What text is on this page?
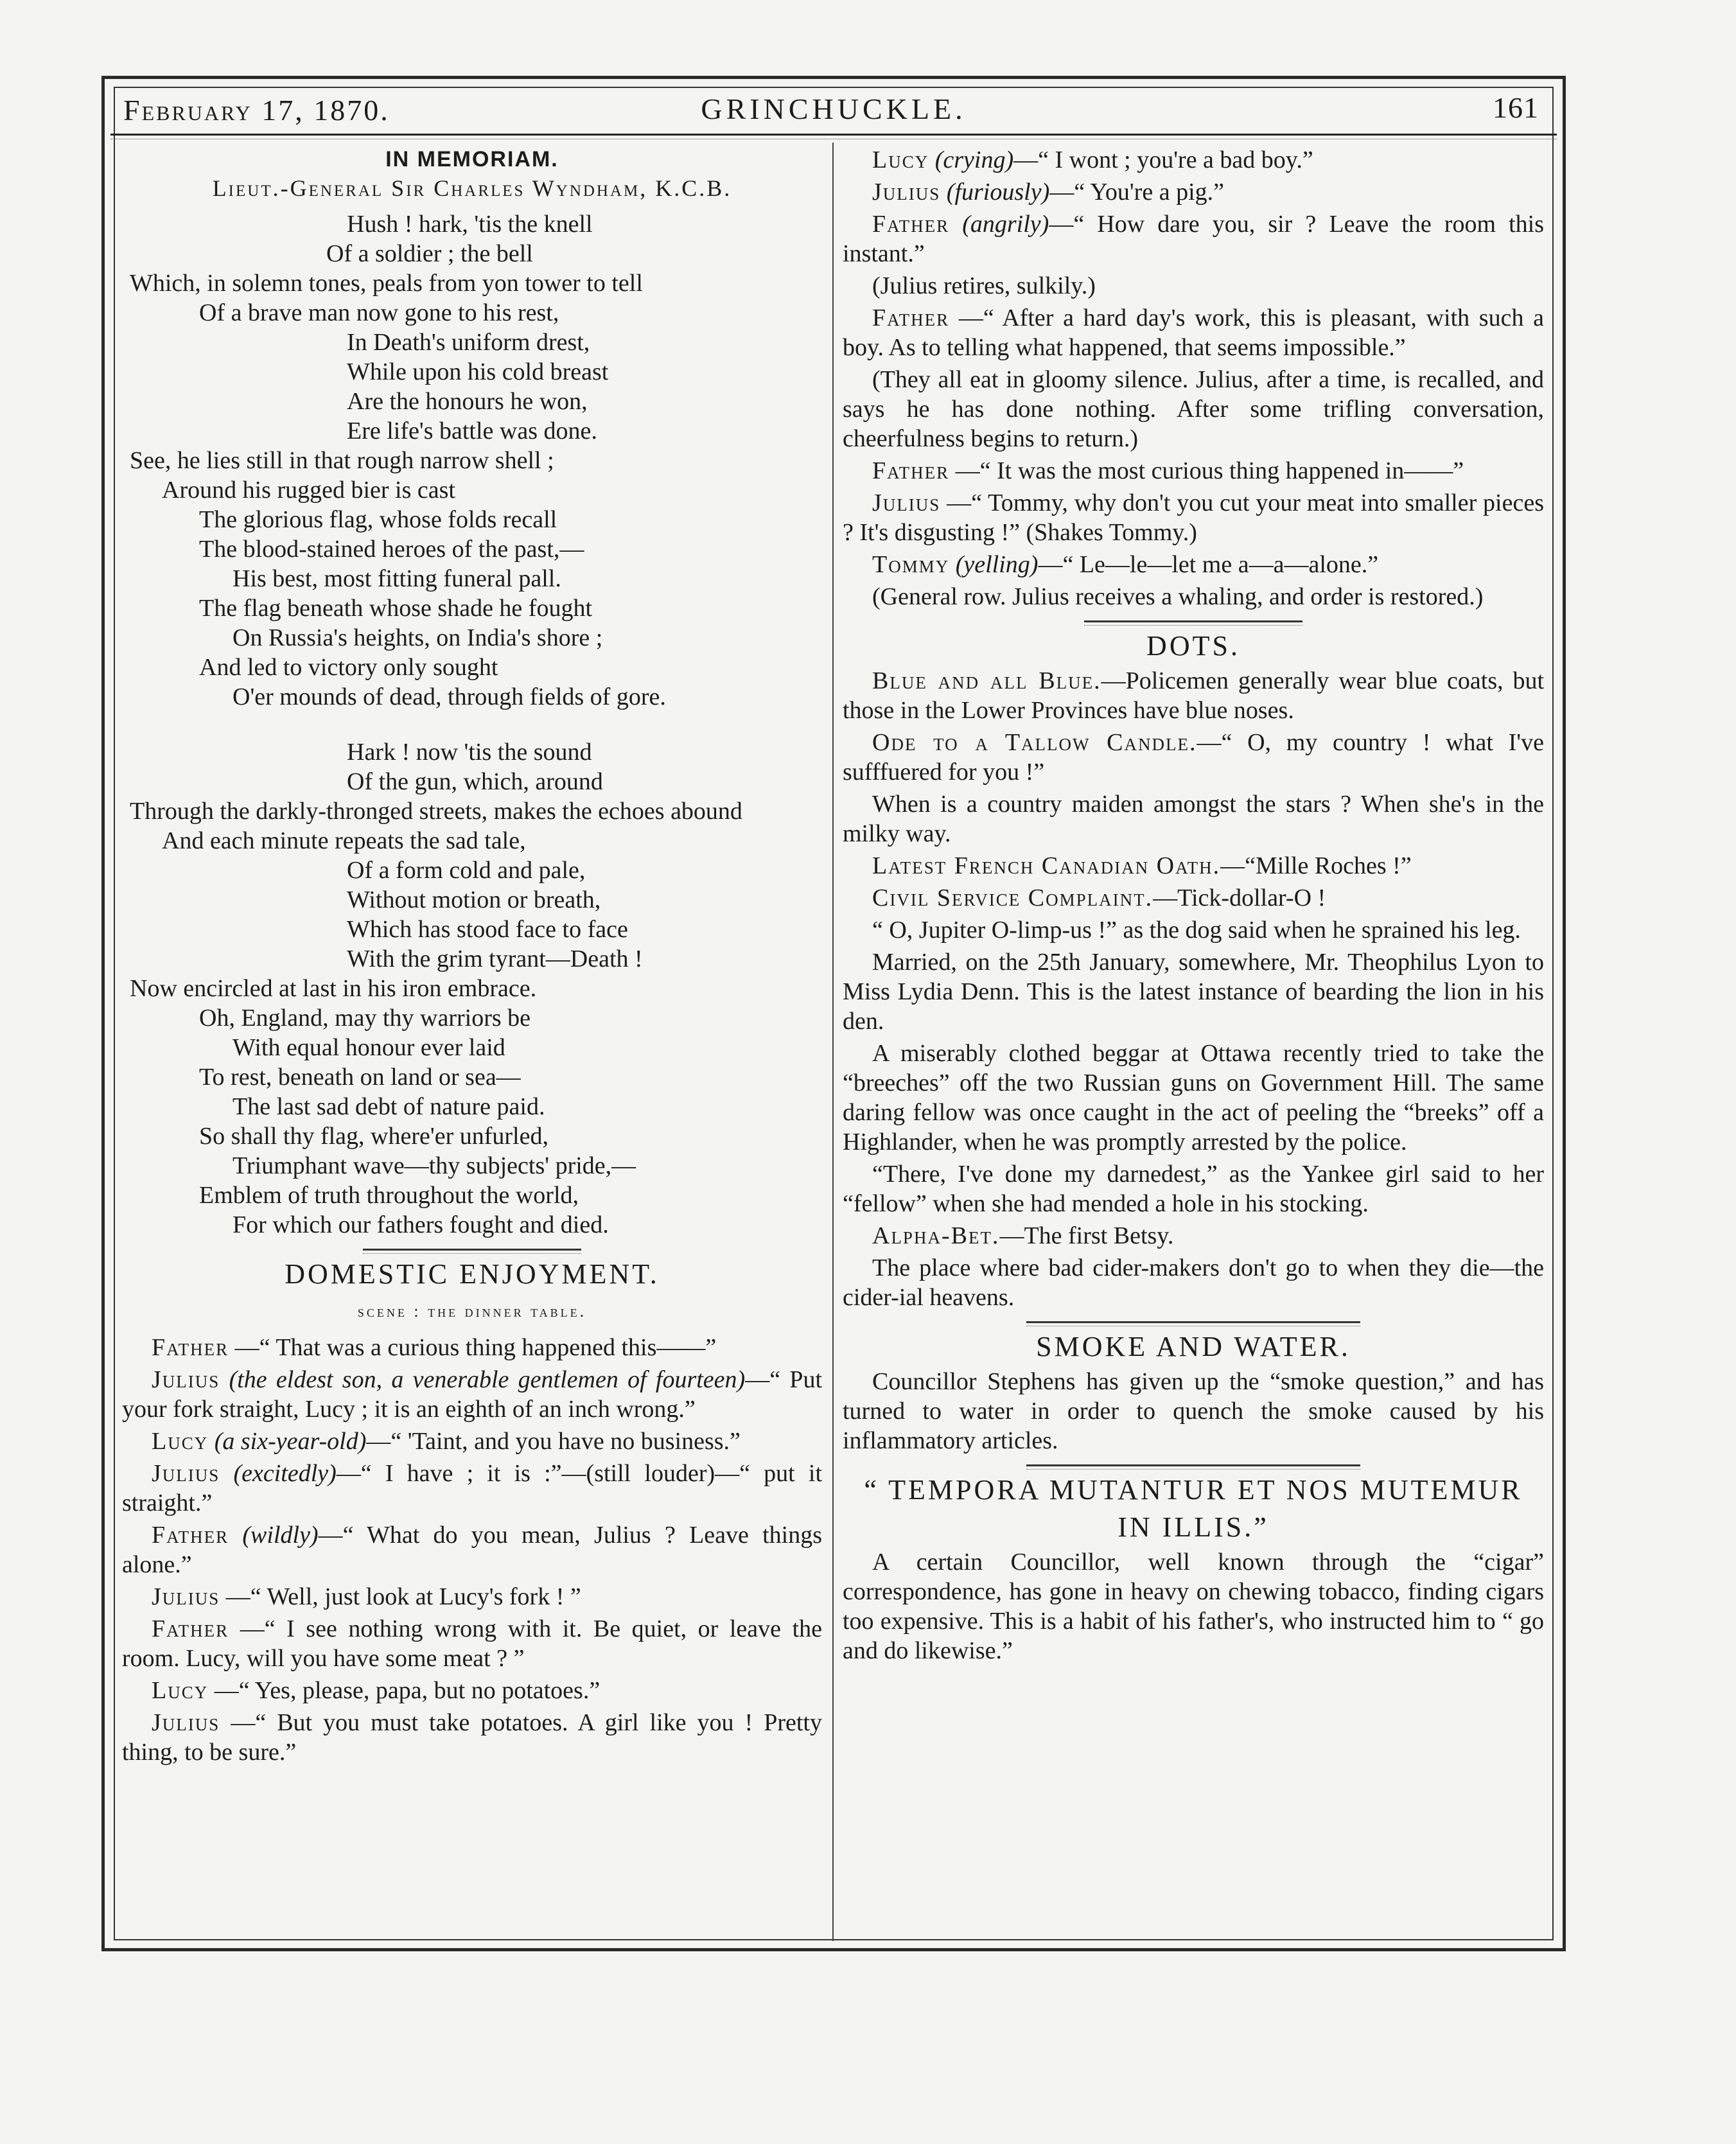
February 17, 1870.	GRINCHUCKLE.	161
IN MEMORIAM.
Lieut.-General Sir Charles Wyndham, K.C.B.
Hush ! hark, 'tis the knell
Of a soldier ; the bell
Which, in solemn tones, peals from yon tower to tell
Of a brave man now gone to his rest,
In Death's uniform drest,
While upon his cold breast
Are the honours he won,
Ere life's battle was done.
See, he lies still in that rough narrow shell ;
Around his rugged bier is cast
The glorious flag, whose folds recall
The blood-stained heroes of the past,—
His best, most fitting funeral pall.
The flag beneath whose shade he fought
On Russia's heights, on India's shore ;
And led to victory only sought
O'er mounds of dead, through fields of gore.
Hark ! now 'tis the sound
Of the gun, which, around
Through the darkly-thronged streets, makes the echoes abound
And each minute repeats the sad tale,
Of a form cold and pale,
Without motion or breath,
Which has stood face to face
With the grim tyrant—Death !
Now encircled at last in his iron embrace.
Oh, England, may thy warriors be
With equal honour ever laid
To rest, beneath on land or sea—
The last sad debt of nature paid.
So shall thy flag, where'er unfurled,
Triumphant wave—thy subjects' pride,—
Emblem of truth throughout the world,
For which our fathers fought and died.
DOMESTIC ENJOYMENT.
scene : the dinner table.
Father —“ That was a curious thing happened this——”
Julius (the eldest son, a venerable gentlemen of fourteen)—“ Put your fork straight, Lucy ; it is an eighth of an inch wrong.”
Lucy (a six-year-old)—“ 'Taint, and you have no business.”
Julius (excitedly)—“ I have ; it is :”—(still louder)—“ put it straight.”
Father (wildly)—“ What do you mean, Julius ? Leave things alone.”
Julius —“ Well, just look at Lucy's fork ! ”
Father —“ I see nothing wrong with it. Be quiet, or leave the room. Lucy, will you have some meat ? ”
Lucy —“ Yes, please, papa, but no potatoes.”
Julius —“ But you must take potatoes. A girl like you ! Pretty thing, to be sure.”
Lucy (crying)—“ I wont ; you're a bad boy.”
Julius (furiously)—“ You're a pig.”
Father (angrily)—“ How dare you, sir ? Leave the room this instant.”
(Julius retires, sulkily.)
Father —“ After a hard day's work, this is pleasant, with such a boy. As to telling what happened, that seems impossible.”
(They all eat in gloomy silence. Julius, after a time, is recalled, and says he has done nothing. After some trifling conversation, cheerfulness begins to return.)
Father —“ It was the most curious thing happened in——”
Julius —“ Tommy, why don't you cut your meat into smaller pieces ? It's disgusting !” (Shakes Tommy.)
Tommy (yelling)—“ Le—le—let me a—a—alone.”
(General row. Julius receives a whaling, and order is restored.)
DOTS.
Blue and all Blue.—Policemen generally wear blue coats, but those in the Lower Provinces have blue noses.
Ode to a Tallow Candle.—“ O, my country ! what I've sufffuered for you !”
When is a country maiden amongst the stars ? When she's in the milky way.
Latest French Canadian Oath.—“Mille Roches !”
Civil Service Complaint.—Tick-dollar-O !
“ O, Jupiter O-limp-us !” as the dog said when he sprained his leg.
Married, on the 25th January, somewhere, Mr. Theophilus Lyon to Miss Lydia Denn. This is the latest instance of bearding the lion in his den.
A miserably clothed beggar at Ottawa recently tried to take the “breeches” off the two Russian guns on Government Hill. The same daring fellow was once caught in the act of peeling the “breeks” off a Highlander, when he was promptly arrested by the police.
“There, I've done my darnedest,” as the Yankee girl said to her “fellow” when she had mended a hole in his stocking.
Alpha-Bet.—The first Betsy.
The place where bad cider-makers don't go to when they die—the cider-ial heavens.
SMOKE AND WATER.
Councillor Stephens has given up the “smoke question,” and has turned to water in order to quench the smoke caused by his inflammatory articles.
“ TEMPORA MUTANTUR ET NOS MUTEMUR
IN ILLIS.”
A certain Councillor, well known through the “cigar” correspondence, has gone in heavy on chewing tobacco, finding cigars too expensive. This is a habit of his father's, who instructed him to “ go and do likewise.”
